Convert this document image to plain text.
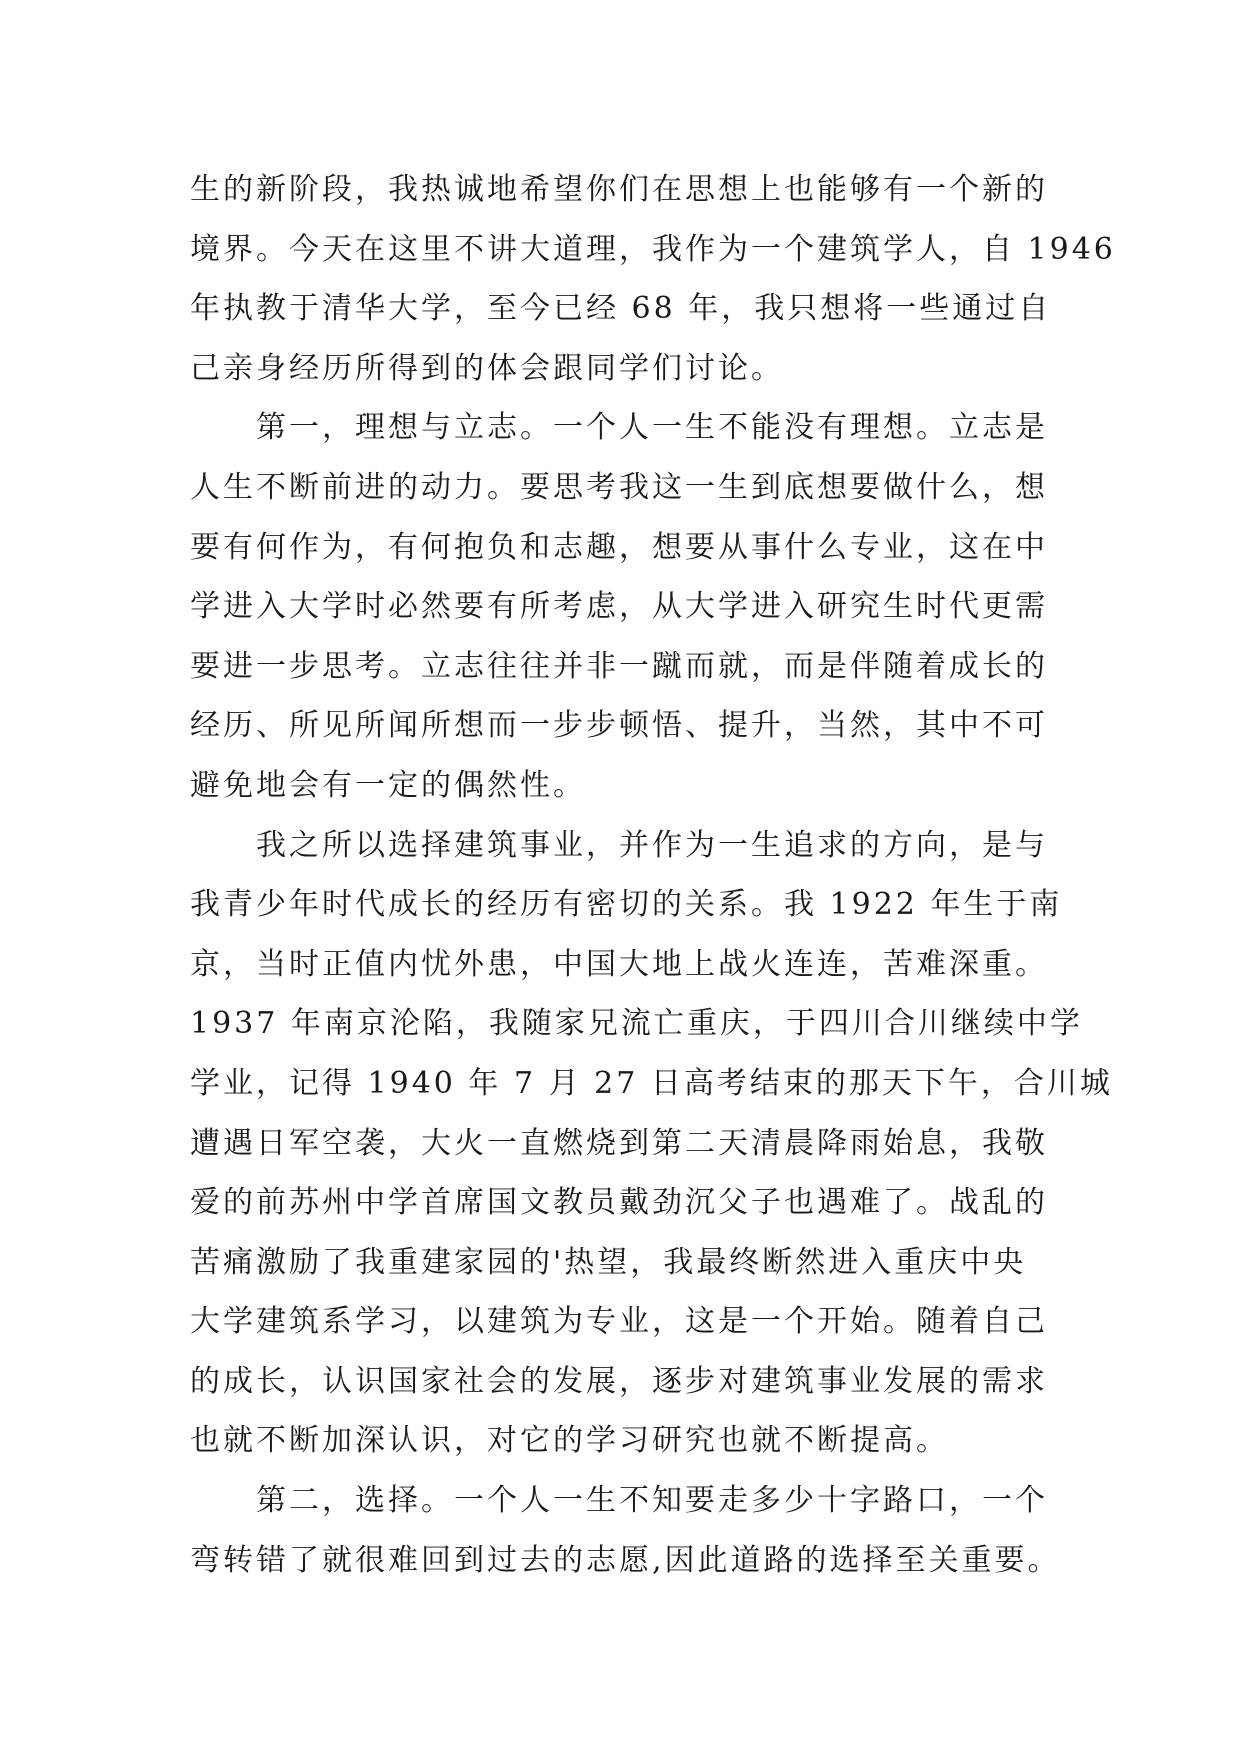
生的新阶段，我热诚地希望你们在思想上也能够有一个新的
境界。今天在这里不讲大道理，我作为一个建筑学人，自 1946
年执教于清华大学，至今已经 68 年，我只想将一些通过自
己亲身经历所得到的体会跟同学们讨论。
第一，理想与立志。一个人一生不能没有理想。立志是
人生不断前进的动力。要思考我这一生到底想要做什么，想
要有何作为，有何抱负和志趣，想要从事什么专业，这在中
学进入大学时必然要有所考虑，从大学进入研究生时代更需
要进一步思考。立志往往并非一蹴而就，而是伴随着成长的
经历、所见所闻所想而一步步顿悟、提升，当然，其中不可
避免地会有一定的偶然性。
我之所以选择建筑事业，并作为一生追求的方向，是与
我青少年时代成长的经历有密切的关系。我 1922 年生于南
京，当时正值内忧外患，中国大地上战火连连，苦难深重。
1937 年南京沦陷，我随家兄流亡重庆，于四川合川继续中学
学业，记得 1940 年 7 月 27 日高考结束的那天下午，合川城
遭遇日军空袭，大火一直燃烧到第二天清晨降雨始息，我敬
爱的前苏州中学首席国文教员戴劲沉父子也遇难了。战乱的
苦痛激励了我重建家园的'热望，我最终断然进入重庆中央
大学建筑系学习，以建筑为专业，这是一个开始。随着自己
的成长，认识国家社会的发展，逐步对建筑事业发展的需求
也就不断加深认识，对它的学习研究也就不断提高。
第二，选择。一个人一生不知要走多少十字路口，一个
弯转错了就很难回到过去的志愿,因此道路的选择至关重要。
